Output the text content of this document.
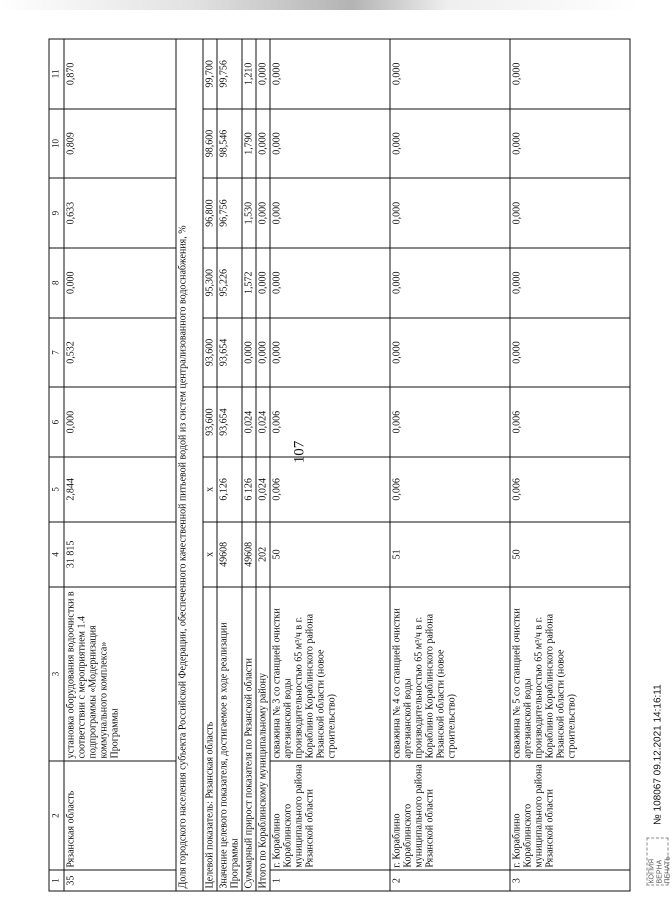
107
1	2	3	4	5	6	7	8	9	10	11
35	Рязанская область	установка оборудования водоочистки в соответствии с мероприятием 1.4 подпрограммы «Модернизация коммунального комплекса» Программы	31 815	2,844	0,000	0,532	0,000	0,633	0,809	0,870
Доля городского населения субъекта Российской Федерации, обеспеченного качественной питьевой водой из систем централизованного водоснабжения, %										
Целевой показатель: Рязанская область			x	x	93,600	93,600	95,300	96,800	98,600	99,700
Значение целевого показателя, достигаемое в ходе реализации Программы			49608	6,126	93,654	93,654	95,226	96,756	98,546	99,756
Суммарный прирост показателя по Рязанской области			49608	6 126	0,024	0,000	1,572	1,530	1,790	1,210
Итого по Кораблинскому муниципальному району			202	0,024	0,024	0,000	0,000	0,000	0,000	0,000
1	г. Кораблино Кораблинского муниципального района Рязанской области	скважина № 3 со станцией очистки артезианской воды производительностью 65 м³/ч в г. Кораблино Кораблинского района Рязанской области (новое строительство)	50	0,006	0,006	0,000	0,000	0,000	0,000	0,000
2	г. Кораблино Кораблинского муниципального района Рязанской области	скважина № 4 со станцией очистки артезианской воды производительностью 65 м³/ч в г. Кораблино Кораблинского района Рязанской области (новое строительство)	51	0,006	0,006	0,000	0,000	0,000	0,000	0,000
3	г. Кораблино Кораблинского муниципального района Рязанской области	скважина № 5 со станцией очистки артезианской воды производительностью 65 м³/ч в г. Кораблино Кораблинского района Рязанской области (новое строительство)	50	0,006	0,006	0,000	0,000	0,000	0,000	0,000
КОПИЯ ВЕРНА
ПЕЧАТЬ № 108067 09.12.2021 14:16:11
